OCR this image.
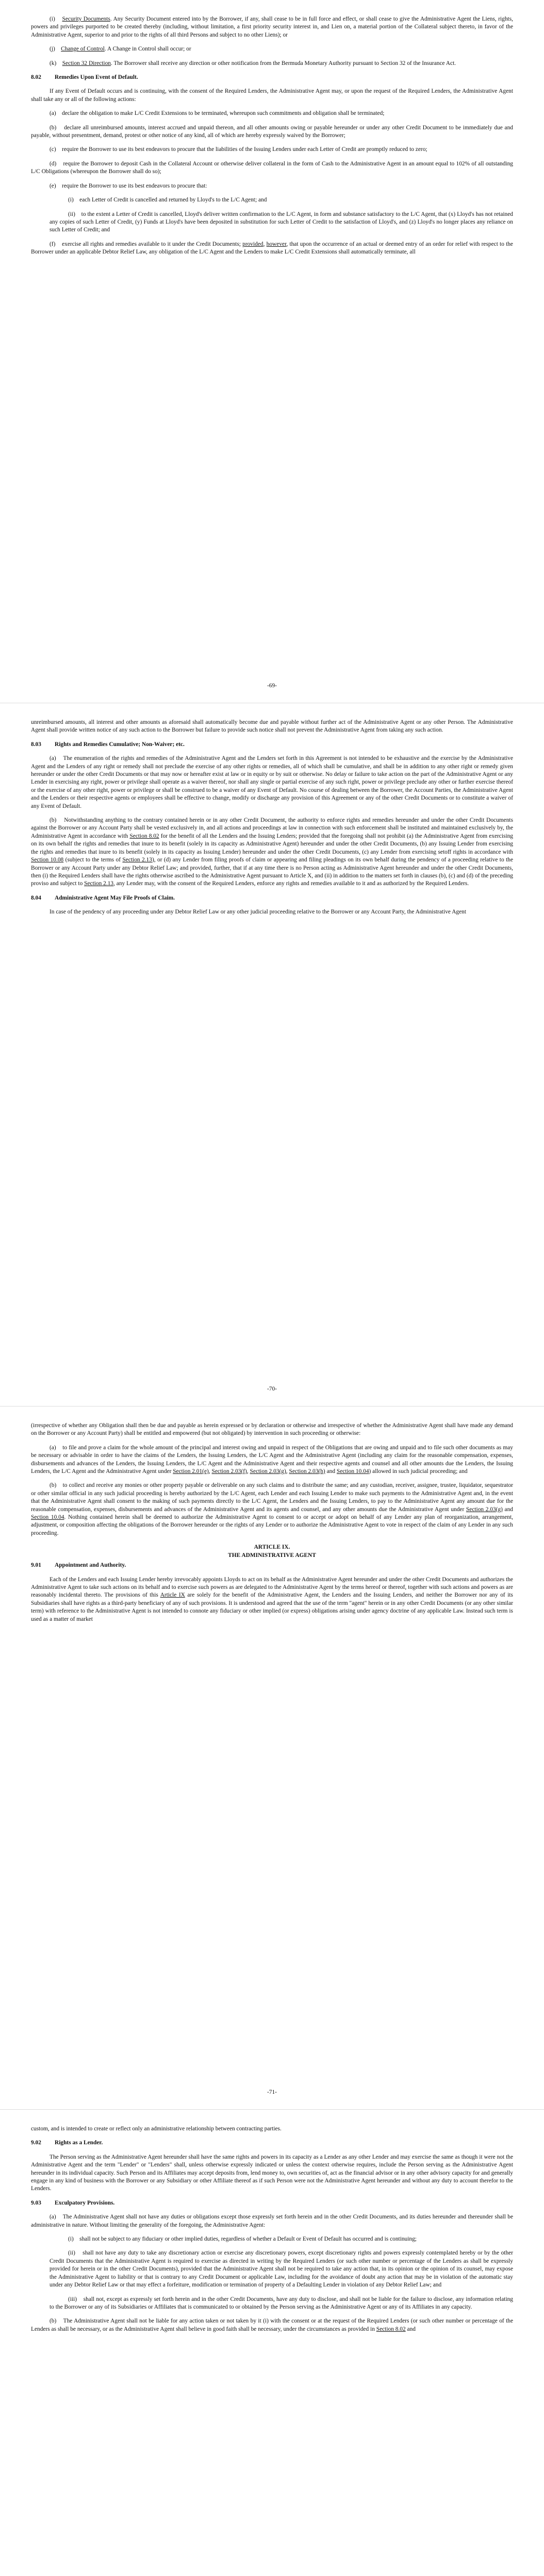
(i) Security Documents. Any Security Document entered into by the Borrower, if any, shall cease to be in full force and effect, or shall cease to give the Administrative Agent the Liens, rights, powers and privileges purported to be created thereby (including, without limitation, a first priority security interest in, and Lien on, a material portion of the Collateral subject thereto, in favor of the Administrative Agent, superior to and prior to the rights of all third Persons and subject to no other Liens); or

(j) Change of Control. A Change in Control shall occur; or

(k) Section 32 Direction. The Borrower shall receive any direction or other notification from the Bermuda Monetary Authority pursuant to Section 32 of the Insurance Act.

8.02 Remedies Upon Event of Default.

If any Event of Default occurs and is continuing, with the consent of the Required Lenders, the Administrative Agent may, or upon the request of the Required Lenders, the Administrative Agent shall take any or all of the following actions:

(a) declare the obligation to make L/C Credit Extensions to be terminated, whereupon such commitments and obligation shall be terminated;

(b) declare all unreimbursed amounts, interest accrued and unpaid thereon, and all other amounts owing or payable hereunder or under any other Credit Document to be immediately due and payable, without presentment, demand, protest or other notice of any kind, all of which are hereby expressly waived by the Borrower;

(c) require the Borrower to use its best endeavors to procure that the liabilities of the Issuing Lenders under each Letter of Credit are promptly reduced to zero;

(d) require the Borrower to deposit Cash in the Collateral Account or otherwise deliver collateral in the form of Cash to the Administrative Agent in an amount equal to 102% of all outstanding L/C Obligations (whereupon the Borrower shall do so);

(e) require the Borrower to use its best endeavors to procure that:

(i) each Letter of Credit is cancelled and returned by Lloyd's to the L/C Agent; and

(ii) to the extent a Letter of Credit is cancelled, Lloyd's deliver written confirmation to the L/C Agent, in form and substance satisfactory to the L/C Agent, that (x) Lloyd's has not retained any copies of such Letter of Credit, (y) Funds at Lloyd's have been deposited in substitution for such Letter of Credit to the satisfaction of Lloyd's, and (z) Lloyd's no longer places any reliance on such Letter of Credit; and

(f) exercise all rights and remedies available to it under the Credit Documents; provided, however, that upon the occurrence of an actual or deemed entry of an order for relief with respect to the Borrower under an applicable Debtor Relief Law, any obligation of the L/C Agent and the Lenders to make L/C Credit Extensions shall automatically terminate, all

-69-

unreimbursed amounts, all interest and other amounts as aforesaid shall automatically become due and payable without further act of the Administrative Agent or any other Person. The Administrative Agent shall provide written notice of any such action to the Borrower but failure to provide such notice shall not prevent the Administrative Agent from taking any such action.

8.03 Rights and Remedies Cumulative; Non-Waiver; etc.

(a) The enumeration of the rights and remedies of the Administrative Agent and the Lenders set forth in this Agreement is not intended to be exhaustive and the exercise by the Administrative Agent and the Lenders of any right or remedy shall not preclude the exercise of any other rights or remedies, all of which shall be cumulative, and shall be in addition to any other right or remedy given hereunder or under the other Credit Documents or that may now or hereafter exist at law or in equity or by suit or otherwise. No delay or failure to take action on the part of the Administrative Agent or any Lender in exercising any right, power or privilege shall operate as a waiver thereof, nor shall any single or partial exercise of any such right, power or privilege preclude any other or further exercise thereof or the exercise of any other right, power or privilege or shall be construed to be a waiver of any Event of Default. No course of dealing between the Borrower, the Account Parties, the Administrative Agent and the Lenders or their respective agents or employees shall be effective to change, modify or discharge any provision of this Agreement or any of the other Credit Documents or to constitute a waiver of any Event of Default.

(b) Notwithstanding anything to the contrary contained herein or in any other Credit Document, the authority to enforce rights and remedies hereunder and under the other Credit Documents against the Borrower or any Account Party shall be vested exclusively in, and all actions and proceedings at law in connection with such enforcement shall be instituted and maintained exclusively by, the Administrative Agent in accordance with Section 8.02 for the benefit of all the Lenders and the Issuing Lenders; provided that the foregoing shall not prohibit (a) the Administrative Agent from exercising on its own behalf the rights and remedies that inure to its benefit (solely in its capacity as Administrative Agent) hereunder and under the other Credit Documents, (b) any Issuing Lender from exercising the rights and remedies that inure to its benefit (solely in its capacity as Issuing Lender) hereunder and under the other Credit Documents, (c) any Lender from exercising setoff rights in accordance with Section 10.08 (subject to the terms of Section 2.13), or (d) any Lender from filing proofs of claim or appearing and filing pleadings on its own behalf during the pendency of a proceeding relative to the Borrower or any Account Party under any Debtor Relief Law; and provided, further, that if at any time there is no Person acting as Administrative Agent hereunder and under the other Credit Documents, then (i) the Required Lenders shall have the rights otherwise ascribed to the Administrative Agent pursuant to Article X, and (ii) in addition to the matters set forth in clauses (b), (c) and (d) of the preceding proviso and subject to Section 2.13, any Lender may, with the consent of the Required Lenders, enforce any rights and remedies available to it and as authorized by the Required Lenders.

8.04 Administrative Agent May File Proofs of Claim.

In case of the pendency of any proceeding under any Debtor Relief Law or any other judicial proceeding relative to the Borrower or any Account Party, the Administrative Agent

-70-

(irrespective of whether any Obligation shall then be due and payable as herein expressed or by declaration or otherwise and irrespective of whether the Administrative Agent shall have made any demand on the Borrower or any Account Party) shall be entitled and empowered (but not obligated) by intervention in such proceeding or otherwise:

(a) to file and prove a claim for the whole amount of the principal and interest owing and unpaid in respect of the Obligations that are owing and unpaid and to file such other documents as may be necessary or advisable in order to have the claims of the Lenders, the Issuing Lenders, the L/C Agent and the Administrative Agent (including any claim for the reasonable compensation, expenses, disbursements and advances of the Lenders, the Issuing Lenders, the L/C Agent and the Administrative Agent and their respective agents and counsel and all other amounts due the Lenders, the Issuing Lenders, the L/C Agent and the Administrative Agent under Section 2.01(e), Section 2.03(f), Section 2.03(g), Section 2.03(h) and Section 10.04) allowed in such judicial proceeding; and

(b) to collect and receive any monies or other property payable or deliverable on any such claims and to distribute the same; and any custodian, receiver, assignee, trustee, liquidator, sequestrator or other similar official in any such judicial proceeding is hereby authorized by the L/C Agent, each Lender and each Issuing Lender to make such payments to the Administrative Agent and, in the event that the Administrative Agent shall consent to the making of such payments directly to the L/C Agent, the Lenders and the Issuing Lenders, to pay to the Administrative Agent any amount due for the reasonable compensation, expenses, disbursements and advances of the Administrative Agent and its agents and counsel, and any other amounts due the Administrative Agent under Section 2.03(g) and Section 10.04. Nothing contained herein shall be deemed to authorize the Administrative Agent to consent to or accept or adopt on behalf of any Lender any plan of reorganization, arrangement, adjustment, or composition affecting the obligations of the Borrower hereunder or the rights of any Lender or to authorize the Administrative Agent to vote in respect of the claim of any Lender in any such proceeding.

ARTICLE IX.

THE ADMINISTRATIVE AGENT

9.01 Appointment and Authority.

Each of the Lenders and each Issuing Lender hereby irrevocably appoints Lloyds to act on its behalf as the Administrative Agent hereunder and under the other Credit Documents and authorizes the Administrative Agent to take such actions on its behalf and to exercise such powers as are delegated to the Administrative Agent by the terms hereof or thereof, together with such actions and powers as are reasonably incidental thereto. The provisions of this Article IX are solely for the benefit of the Administrative Agent, the Lenders and the Issuing Lenders, and neither the Borrower nor any of its Subsidiaries shall have rights as a third-party beneficiary of any of such provisions. It is understood and agreed that the use of the term "agent" herein or in any other Credit Documents (or any other similar term) with reference to the Administrative Agent is not intended to connote any fiduciary or other implied (or express) obligations arising under agency doctrine of any applicable Law. Instead such term is used as a matter of market

-71-

custom, and is intended to create or reflect only an administrative relationship between contracting parties.

9.02 Rights as a Lender.

The Person serving as the Administrative Agent hereunder shall have the same rights and powers in its capacity as a Lender as any other Lender and may exercise the same as though it were not the Administrative Agent and the term "Lender" or "Lenders" shall, unless otherwise expressly indicated or unless the context otherwise requires, include the Person serving as the Administrative Agent hereunder in its individual capacity. Such Person and its Affiliates may accept deposits from, lend money to, own securities of, act as the financial advisor or in any other advisory capacity for and generally engage in any kind of business with the Borrower or any Subsidiary or other Affiliate thereof as if such Person were not the Administrative Agent hereunder and without any duty to account therefor to the Lenders.

9.03 Exculpatory Provisions.

(a) The Administrative Agent shall not have any duties or obligations except those expressly set forth herein and in the other Credit Documents, and its duties hereunder and thereunder shall be administrative in nature. Without limiting the generality of the foregoing, the Administrative Agent:

(i) shall not be subject to any fiduciary or other implied duties, regardless of whether a Default or Event of Default has occurred and is continuing;

(ii) shall not have any duty to take any discretionary action or exercise any discretionary powers, except discretionary rights and powers expressly contemplated hereby or by the other Credit Documents that the Administrative Agent is required to exercise as directed in writing by the Required Lenders (or such other number or percentage of the Lenders as shall be expressly provided for herein or in the other Credit Documents), provided that the Administrative Agent shall not be required to take any action that, in its opinion or the opinion of its counsel, may expose the Administrative Agent to liability or that is contrary to any Credit Document or applicable Law, including for the avoidance of doubt any action that may be in violation of the automatic stay under any Debtor Relief Law or that may effect a forfeiture, modification or termination of property of a Defaulting Lender in violation of any Debtor Relief Law; and

(iii) shall not, except as expressly set forth herein and in the other Credit Documents, have any duty to disclose, and shall not be liable for the failure to disclose, any information relating to the Borrower or any of its Subsidiaries or Affiliates that is communicated to or obtained by the Person serving as the Administrative Agent or any of its Affiliates in any capacity.

(b) The Administrative Agent shall not be liable for any action taken or not taken by it (i) with the consent or at the request of the Required Lenders (or such other number or percentage of the Lenders as shall be necessary, or as the Administrative Agent shall believe in good faith shall be necessary, under the circumstances as provided in Section 8.02 and
